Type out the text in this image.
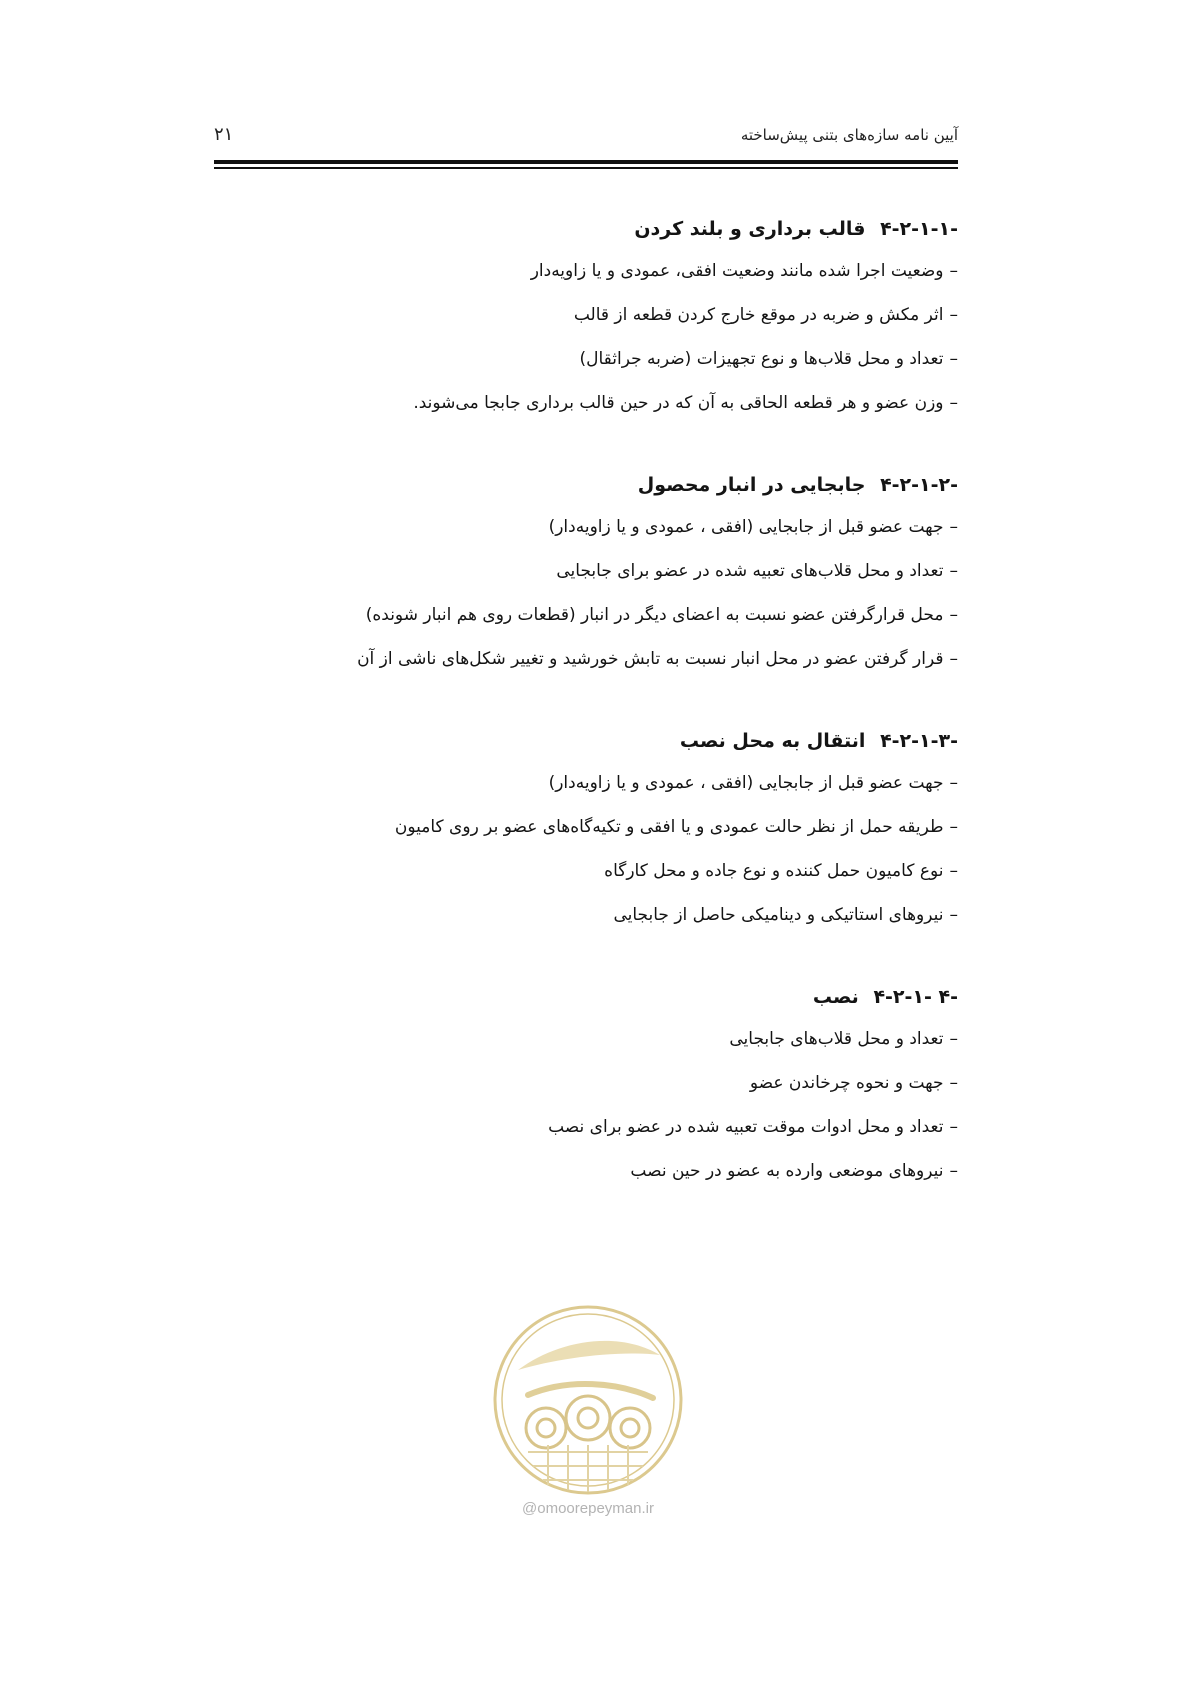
آیین نامه سازه‌های بتنی پیش‌ساخته
۲۱
۴-۲-۱-۱- قالب برداری و بلند کردن
–وضعیت اجرا شده مانند وضعیت افقی، عمودی و یا زاویه‌دار
–اثر مکش و ضربه در موقع خارج کردن قطعه از قالب
–تعداد و محل قلاب‌ها و نوع تجهیزات (ضربه جراثقال)
–وزن عضو و هر قطعه الحاقی به آن که در حین قالب برداری جابجا می‌شوند.
۴-۲-۱-۲- جابجایی در انبار محصول
–جهت عضو قبل از جابجایی (افقی ، عمودی و یا زاویه‌دار)
–تعداد و محل قلاب‌های تعبیه شده در عضو برای جابجایی
–محل قرارگرفتن عضو نسبت به اعضای دیگر در انبار (قطعات روی هم انبار شونده)
–قرار گرفتن عضو در محل انبار نسبت به تابش خورشید و تغییر شکل‌های ناشی از آن
۴-۲-۱-۳- انتقال به محل نصب
–جهت عضو قبل از جابجایی (افقی ، عمودی و یا زاویه‌دار)
–طریقه حمل از نظر حالت عمودی و یا افقی و تکیه‌گاه‌های عضو بر روی کامیون
–نوع کامیون حمل کننده و نوع جاده و محل کارگاه
–نیروهای استاتیکی و دینامیکی حاصل از جابجایی
۴-۲-۱- ۴- نصب
–تعداد و محل قلاب‌های جابجایی
–جهت و نحوه چرخاندن عضو
–تعداد و محل ادوات موقت تعبیه شده در عضو برای نصب
–نیروهای موضعی وارده به عضو در حین نصب
@omoorepeyman.ir
